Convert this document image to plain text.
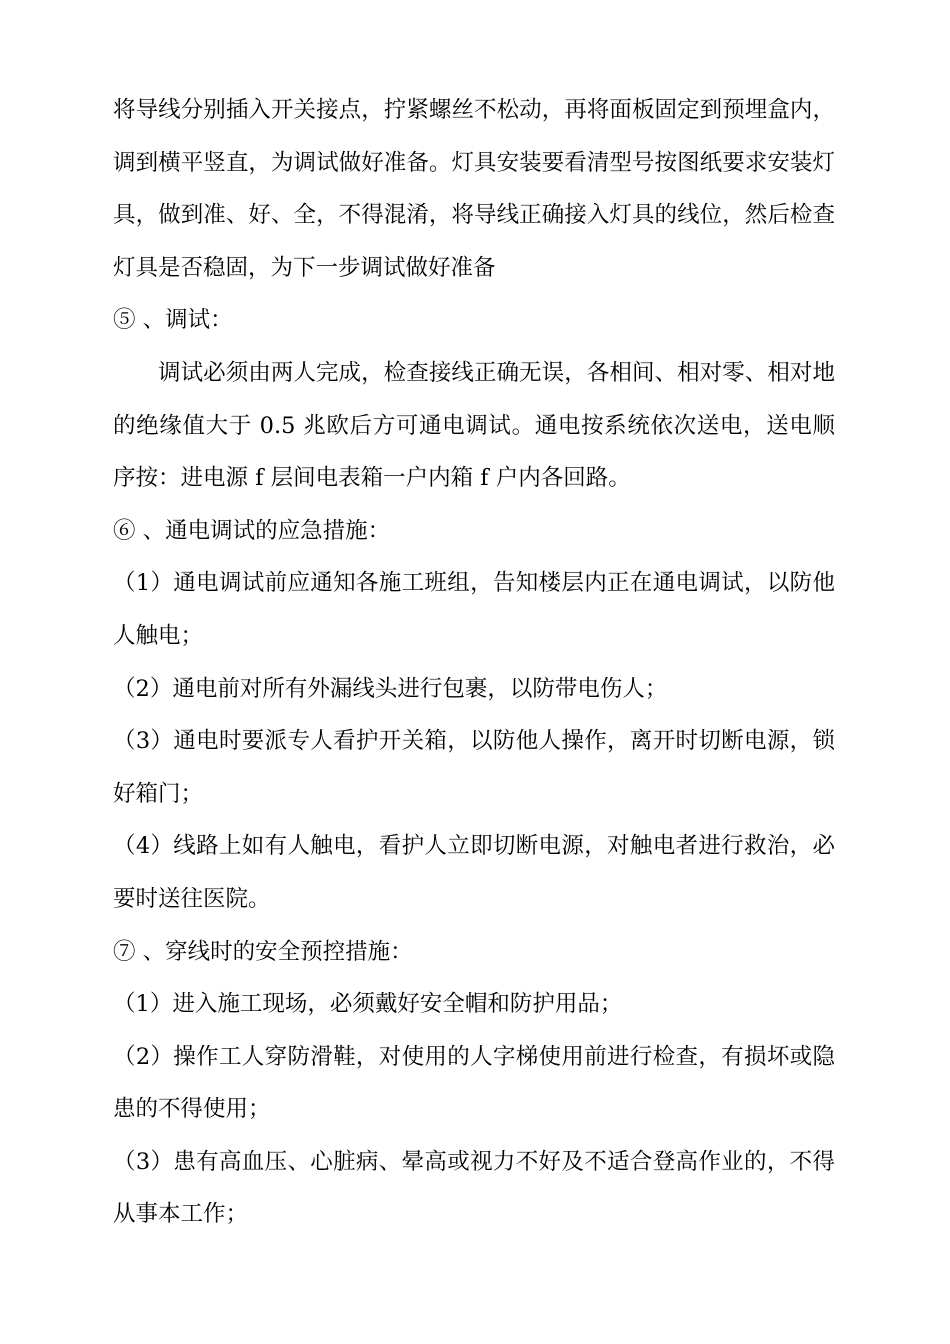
将导线分别插入开关接点，拧紧螺丝不松动，再将面板固定到预埋盒内，调到横平竖直，为调试做好准备。灯具安装要看清型号按图纸要求安装灯具，做到准、好、全，不得混淆，将导线正确接入灯具的线位，然后检查灯具是否稳固，为下一步调试做好准备

⑤ 、调试：

调试必须由两人完成，检查接线正确无误，各相间、相对零、相对地的绝缘值大于 0.5 兆欧后方可通电调试。通电按系统依次送电，送电顺序按：进电源 f 层间电表箱一户内箱 f 户内各回路。

⑥ 、通电调试的应急措施：

（1）通电调试前应通知各施工班组，告知楼层内正在通电调试，以防他人触电；

（2）通电前对所有外漏线头进行包裹，以防带电伤人；

（3）通电时要派专人看护开关箱，以防他人操作，离开时切断电源，锁好箱门；

（4）线路上如有人触电，看护人立即切断电源，对触电者进行救治，必要时送往医院。

⑦ 、穿线时的安全预控措施：

（1）进入施工现场，必须戴好安全帽和防护用品；

（2）操作工人穿防滑鞋，对使用的人字梯使用前进行检查，有损坏或隐患的不得使用；

（3）患有高血压、心脏病、晕高或视力不好及不适合登高作业的，不得从事本工作；
